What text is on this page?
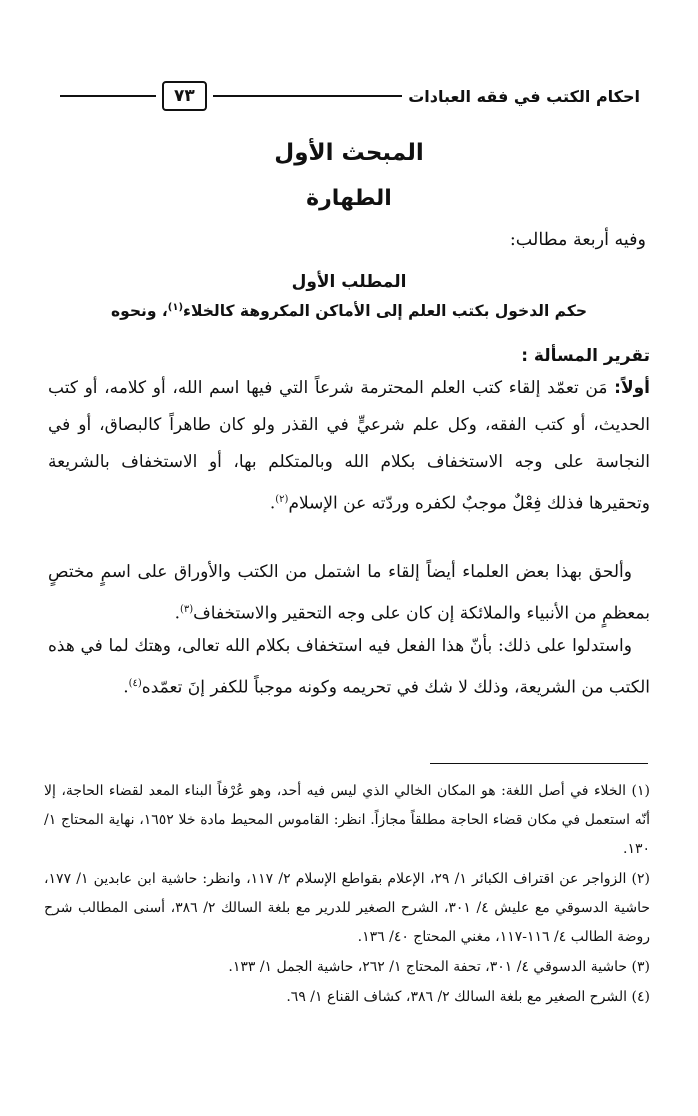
احكام الكتب في فقه العبادات
٧٣
المبحث الأول
الطهارة
وفيه أربعة مطالب:
المطلب الأول
حكم الدخول بكتب العلم إلى الأماكن المكروهة كالخلاء$^{(١)}$، ونحوه
تقرير المسألة :
أولاً: مَن تعمّد إلقاء كتب العلم المحترمة شرعاً التي فيها اسم الله، أو كلامه، أو كتب الحديث، أو كتب الفقه، وكل علم شرعيٍّ في القذر ولو كان طاهراً كالبصاق، أو في النجاسة على وجه الاستخفاف بكلام الله وبالمتكلم بها، أو الاستخفاف بالشريعة وتحقيرها فذلك فِعْلٌ موجبٌ لكفره وردّته عن الإسلام$^{(٢)}$.
وألحق بهذا بعض العلماء أيضاً إلقاء ما اشتمل من الكتب والأوراق على اسمٍ مختصٍ بمعظمٍ من الأنبياء والملائكة إن كان على وجه التحقير والاستخفاف$^{(٣)}$.
واستدلوا على ذلك: بأنّ هذا الفعل فيه استخفاف بكلام الله تعالى، وهتك لما في هذه الكتب من الشريعة، وذلك لا شك في تحريمه وكونه موجباً للكفر إنَ تعمّده$^{(٤)}$.
(١) الخلاء في أصل اللغة: هو المكان الخالي الذي ليس فيه أحد، وهو عُرْفاً البناء المعد لقضاء الحاجة، إلا أنّه استعمل في مكان قضاء الحاجة مطلقاً مجازاً. انظر: القاموس المحيط مادة خلا ١٦٥٢، نهاية المحتاج ١/ ١٣٠.
(٢) الزواجر عن اقتراف الكبائر ١/ ٢٩، الإعلام بقواطع الإسلام ٢/ ١١٧، وانظر: حاشية ابن عابدين ١/ ١٧٧، حاشية الدسوقي مع عليش ٤/ ٣٠١، الشرح الصغير للدرير مع بلغة السالك ٢/ ٣٨٦، أسنى المطالب شرح روضة الطالب ٤/ ١١٦-١١٧، مغني المحتاج ٤٠/ ١٣٦.
(٣) حاشية الدسوقي ٤/ ٣٠١، تحفة المحتاج ١/ ٢٦٢، حاشية الجمل ١/ ١٣٣.
(٤) الشرح الصغير مع بلغة السالك ٢/ ٣٨٦، كشاف القناع ١/ ٦٩.
